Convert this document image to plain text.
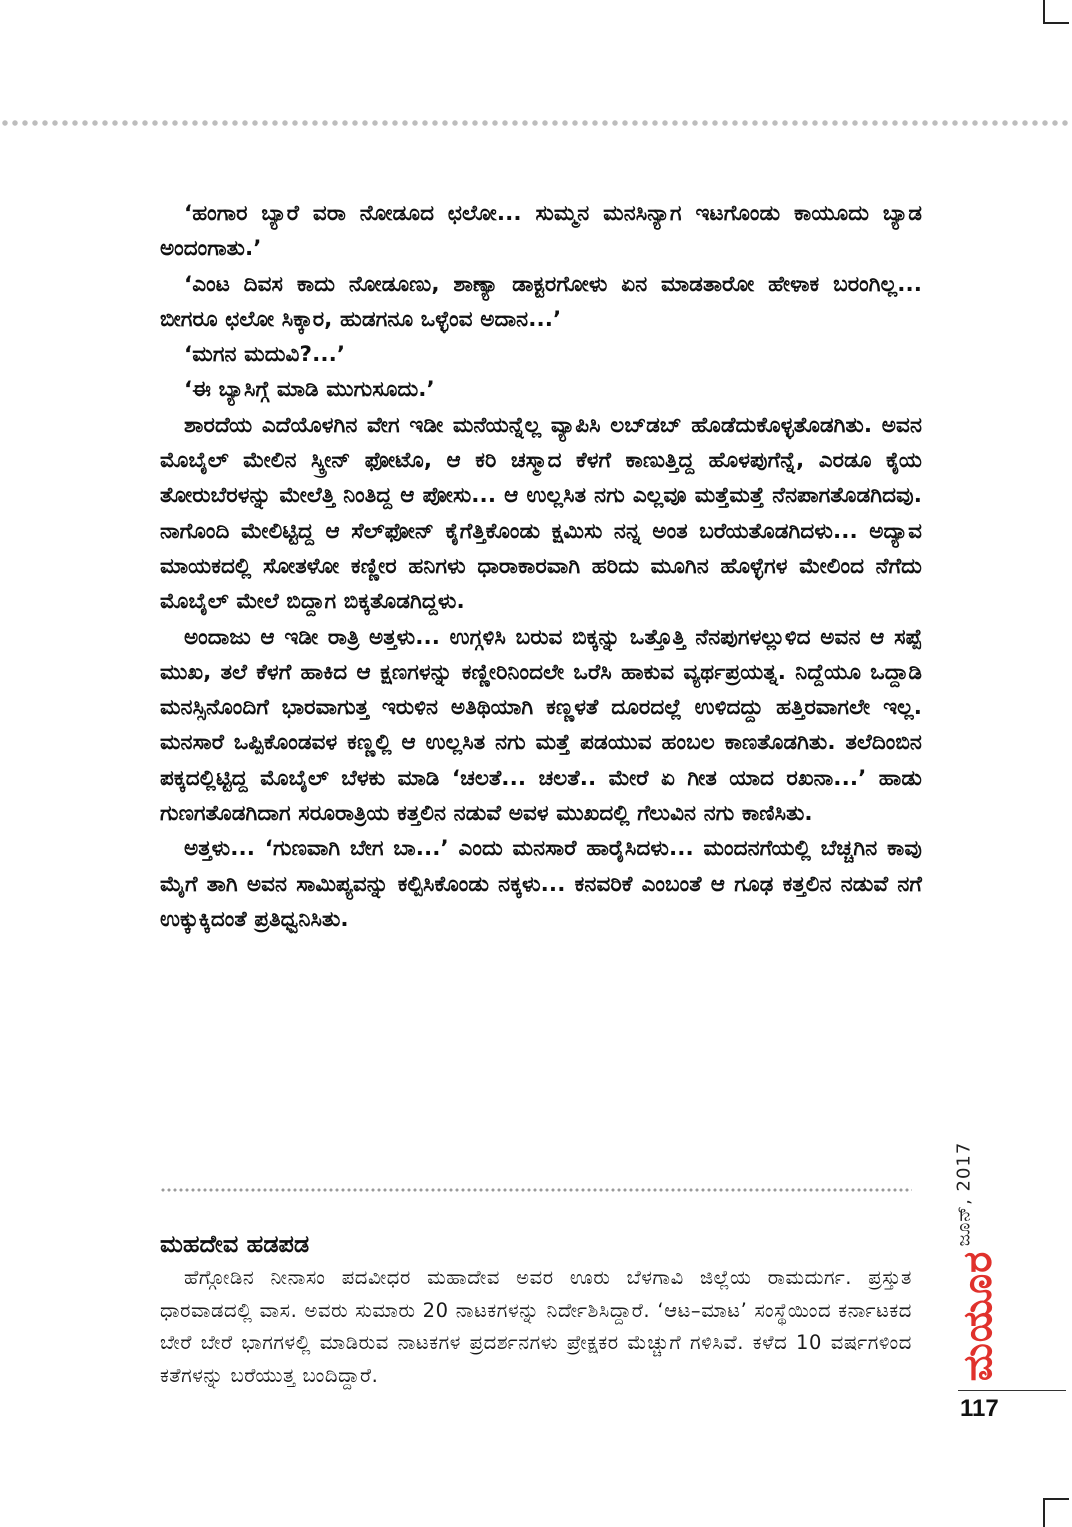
‘ಹಂಗಾರ ಬ್ಯಾರೆ ವರಾ ನೋಡೂದ ಛಲೋ... ಸುಮ್ಮನ ಮನಸಿನ್ಯಾಗ ಇಟಗೊಂಡು ಕಾಯೂದು ಬ್ಯಾಡ ಅಂದಂಗಾತು.’

‘ಎಂಟ ದಿವಸ ಕಾದು ನೋಡೂಣು, ಶಾಣ್ಯಾ ಡಾಕ್ಟರಗೋಳು ಏನ ಮಾಡತಾರೋ ಹೇಳಾಕ ಬರಂಗಿಲ್ಲ... ಬೀಗರೂ ಛಲೋ ಸಿಕ್ಕಾರ, ಹುಡಗನೂ ಒಳ್ಳೆಂವ ಅದಾನ...’

‘ಮಗನ ಮದುವಿ?...’

‘ಈ ಬ್ಯಾಸಿಗ್ಗೆ ಮಾಡಿ ಮುಗುಸೂದು.’

ಶಾರದೆಯ ಎದೆಯೊಳಗಿನ ವೇಗ ಇಡೀ ಮನೆಯನ್ನೆಲ್ಲ ವ್ಯಾಪಿಸಿ ಲಬ್‌ಡಬ್ ಹೊಡೆದುಕೊಳ್ಳತೊಡಗಿತು. ಅವನ ಮೊಬೈಲ್ ಮೇಲಿನ ಸ್ಕ್ರೀನ್ ಫೋಟೊ, ಆ ಕರಿ ಚಸ್ಮಾದ ಕೆಳಗೆ ಕಾಣುತ್ತಿದ್ದ ಹೊಳಪುಗೆನ್ನೆ, ಎರಡೂ ಕೈಯ ತೋರುಬೆರಳನ್ನು ಮೇಲೆತ್ತಿ ನಿಂತಿದ್ದ ಆ ಪೋಸು... ಆ ಉಲ್ಲಸಿತ ನಗು ಎಲ್ಲವೂ ಮತ್ತೆಮತ್ತೆ ನೆನಪಾಗತೊಡಗಿದವು. ನಾಗೊಂದಿ ಮೇಲಿಟ್ಟಿದ್ದ ಆ ಸೆಲ್‌ಫೋನ್ ಕೈಗೆತ್ತಿಕೊಂಡು ಕ್ಷಮಿಸು ನನ್ನ ಅಂತ ಬರೆಯತೊಡಗಿದಳು... ಅದ್ಯಾವ ಮಾಯಕದಲ್ಲಿ ಸೋತಳೋ ಕಣ್ಣೀರ ಹನಿಗಳು ಧಾರಾಕಾರವಾಗಿ ಹರಿದು ಮೂಗಿನ ಹೊಳ್ಳೆಗಳ ಮೇಲಿಂದ ನೆಗೆದು ಮೊಬೈಲ್ ಮೇಲೆ ಬಿದ್ದಾಗ ಬಿಕ್ಕತೊಡಗಿದ್ದಳು.

ಅಂದಾಜು ಆ ಇಡೀ ರಾತ್ರಿ ಅತ್ತಳು... ಉಗ್ಗಳಿಸಿ ಬರುವ ಬಿಕ್ಕನ್ನು ಒತ್ತೊತ್ತಿ ನೆನಪುಗಳಲ್ಲುಳಿದ ಅವನ ಆ ಸಪ್ಪೆ ಮುಖ, ತಲೆ ಕೆಳಗೆ ಹಾಕಿದ ಆ ಕ್ಷಣಗಳನ್ನು ಕಣ್ಣೀರಿನಿಂದಲೇ ಒರೆಸಿ ಹಾಕುವ ವ್ಯರ್ಥಪ್ರಯತ್ನ. ನಿದ್ದೆಯೂ ಒದ್ದಾಡಿ ಮನಸ್ಸಿನೊಂದಿಗೆ ಭಾರವಾಗುತ್ತ ಇರುಳಿನ ಅತಿಥಿಯಾಗಿ ಕಣ್ಣಳತೆ ದೂರದಲ್ಲೆ ಉಳಿದದ್ದು ಹತ್ತಿರವಾಗಲೇ ಇಲ್ಲ. ಮನಸಾರೆ ಒಪ್ಪಿಕೊಂಡವಳ ಕಣ್ಣಲ್ಲಿ ಆ ಉಲ್ಲಸಿತ ನಗು ಮತ್ತೆ ಪಡಯುವ ಹಂಬಲ ಕಾಣತೊಡಗಿತು. ತಲೆದಿಂಬಿನ ಪಕ್ಕದಲ್ಲಿಟ್ಟಿದ್ದ ಮೊಬೈಲ್ ಬೆಳಕು ಮಾಡಿ ‘ಚಲತೆ... ಚಲತೆ.. ಮೇರೆ ಏ ಗೀತ ಯಾದ ರಖನಾ...’ ಹಾಡು ಗುಣಗತೊಡಗಿದಾಗ ಸರೂರಾತ್ರಿಯ ಕತ್ತಲಿನ ನಡುವೆ ಅವಳ ಮುಖದಲ್ಲಿ ಗೆಲುವಿನ ನಗು ಕಾಣಿಸಿತು.

ಅತ್ತಳು... ‘ಗುಣವಾಗಿ ಬೇಗ ಬಾ...’ ಎಂದು ಮನಸಾರೆ ಹಾರೈಸಿದಳು... ಮಂದನಗೆಯಲ್ಲಿ ಬೆಚ್ಚಗಿನ ಕಾವು ಮೈಗೆ ತಾಗಿ ಅವನ ಸಾಮಿಪ್ಯವನ್ನು ಕಲ್ಪಿಸಿಕೊಂಡು ನಕ್ಕಳು... ಕನವರಿಕೆ ಎಂಬಂತೆ ಆ ಗೂಢ ಕತ್ತಲಿನ ನಡುವೆ ನಗೆ ಉಕ್ಕುಕ್ಕಿದಂತೆ ಪ್ರತಿಧ್ವನಿಸಿತು.

ಮಹದೇವ ಹಡಪಡ

ಹೆಗ್ಗೋಡಿನ ನೀನಾಸಂ ಪದವೀಧರ ಮಹಾದೇವ ಅವರ ಊರು ಬೆಳಗಾವಿ ಜಿಲ್ಲೆಯ ರಾಮದುರ್ಗ. ಪ್ರಸ್ತುತ ಧಾರವಾಡದಲ್ಲಿ ವಾಸ. ಅವರು ಸುಮಾರು 20 ನಾಟಕಗಳನ್ನು ನಿರ್ದೇಶಿಸಿದ್ದಾರೆ. ‘ಆಟ–ಮಾಟ’ ಸಂಸ್ಥೆಯಿಂದ ಕರ್ನಾಟಕದ ಬೇರೆ ಬೇರೆ ಭಾಗಗಳಲ್ಲಿ ಮಾಡಿರುವ ನಾಟಕಗಳ ಪ್ರದರ್ಶನಗಳು ಪ್ರೇಕ್ಷಕರ ಮೆಚ್ಚುಗೆ ಗಳಿಸಿವೆ. ಕಳೆದ 10 ವರ್ಷಗಳಿಂದ ಕತೆಗಳನ್ನು ಬರೆಯುತ್ತ ಬಂದಿದ್ದಾರೆ.

ಜೂನ್, 2017
ಮಯೂರ
117
